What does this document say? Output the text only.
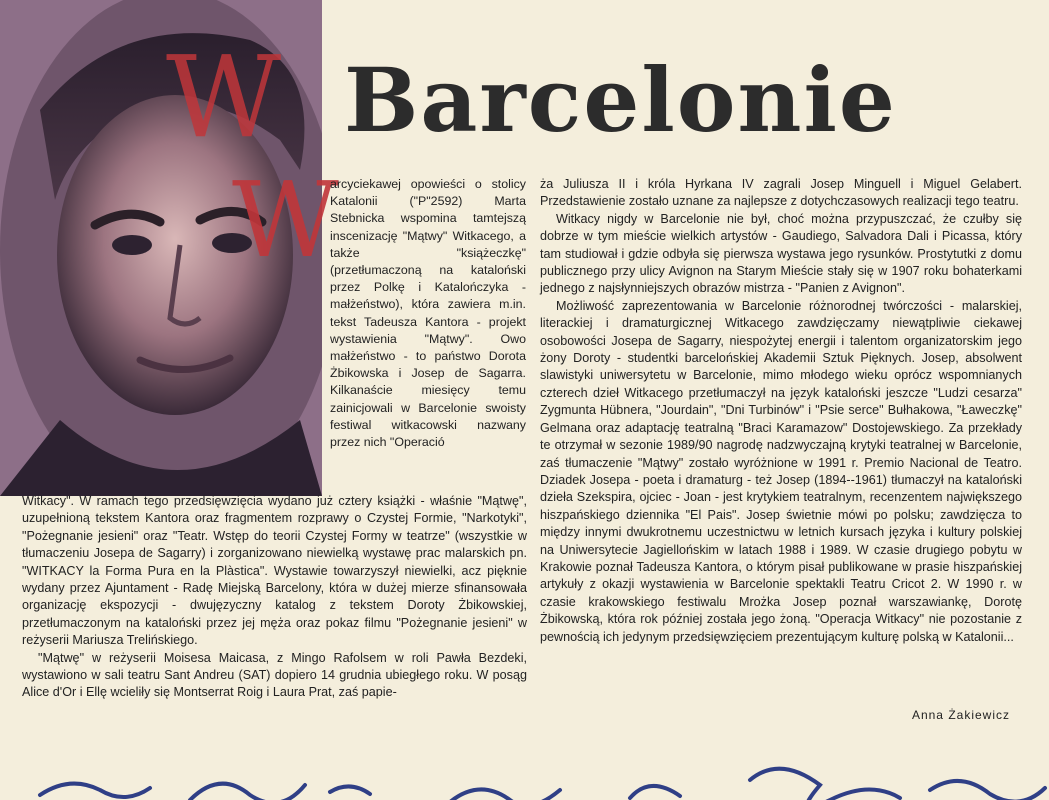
W Barcelonie
W

arcyciekawej opowieści o stolicy Katalonii ("P"2592) Marta Stebnicka wspomina tamtejszą inscenizację "Mątwy" Witkacego, a także "książeczkę" (przetłumaczoną na kataloński przez Polkę i Katalończyka - małżeństwo), która zawiera m.in. tekst Tadeusza Kantora - projekt wystawienia "Mątwy". Owo małżeństwo - to państwo Dorota Żbikowska i Josep de Sagarra. Kilkanaście miesięcy temu zainicjowali w Barcelonie swoisty festiwal witkacowski nazwany przez nich "Operació

Witkacy". W ramach tego przedsięwzięcia wydano już cztery książki - właśnie "Mątwę", uzupełnioną tekstem Kantora oraz fragmentem rozprawy o Czystej Formie, "Narkotyki", "Pożegnanie jesieni" oraz "Teatr. Wstęp do teorii Czystej Formy w teatrze" (wszystkie w tłumaczeniu Josepa de Sagarry) i zorganizowano niewielką wystawę prac malarskich pn. "WITKACY la Forma Pura en la Plàstica". Wystawie towarzyszył niewielki, acz pięknie wydany przez Ajuntament - Radę Miejską Barcelony, która w dużej mierze sfinansowała organizację ekspozycji - dwujęzyczny katalog z tekstem Doroty Żbikowskiej, przetłumaczonym na kataloński przez jej męża oraz pokaz filmu "Pożegnanie jesieni" w reżyserii Mariusza Trelińskiego.

"Mątwę" w reżyserii Moisesa Maicasa, z Mingo Rafolsem w roli Pawła Bezdeki, wystawiono w sali teatru Sant Andreu (SAT) dopiero 14 grudnia ubiegłego roku. W posąg Alice d'Or i Ellę wcieliły się Montserrat Roig i Laura Prat, zaś papie-

ża Juliusza II i króla Hyrkana IV zagrali Josep Minguell i Miguel Gelabert. Przedstawienie zostało uznane za najlepsze z dotychczasowych realizacji tego teatru.

Witkacy nigdy w Barcelonie nie był, choć można przypuszczać, że czułby się dobrze w tym mieście wielkich artystów - Gaudiego, Salvadora Dali i Picassa, który tam studiował i gdzie odbyła się pierwsza wystawa jego rysunków. Prostytutki z domu publicznego przy ulicy Avignon na Starym Mieście stały się w 1907 roku bohaterkami jednego z najsłynniejszych obrazów mistrza - "Panien z Avignon".

Możliwość zaprezentowania w Barcelonie różnorodnej twórczości - malarskiej, literackiej i dramaturgicznej Witkacego zawdzięczamy niewątpliwie ciekawej osobowości Josepa de Sagarry, niespożytej energii i talentom organizatorskim jego żony Doroty - studentki barcelońskiej Akademii Sztuk Pięknych. Josep, absolwent slawistyki uniwersytetu w Barcelonie, mimo młodego wieku oprócz wspomnianych czterech dzieł Witkacego przetłumaczył na język kataloński jeszcze "Ludzi cesarza" Zygmunta Hübnera, "Jourdain", "Dni Turbinów" i "Psie serce" Bułhakowa, "Ławeczkę" Gelmana oraz adaptację teatralną "Braci Karamazow" Dostojewskiego. Za przekłady te otrzymał w sezonie 1989/90 nagrodę nadzwyczajną krytyki teatralnej w Barcelonie, zaś tłumaczenie "Mątwy" zostało wyróżnione w 1991 r. Premio Nacional de Teatro. Dziadek Josepa - poeta i dramaturg - też Josep (1894--1961) tłumaczył na kataloński dzieła Szekspira, ojciec - Joan - jest krytykiem teatralnym, recenzentem największego hiszpańskiego dziennika "El Pais". Josep świetnie mówi po polsku; zawdzięcza to między innymi dwukrotnemu uczestnictwu w letnich kursach języka i kultury polskiej na Uniwersytecie Jagiellońskim w latach 1988 i 1989. W czasie drugiego pobytu w Krakowie poznał Tadeusza Kantora, o którym pisał publikowane w prasie hiszpańskiej artykuły z okazji wystawienia w Barcelonie spektakli Teatru Cricot 2. W 1990 r. w czasie krakowskiego festiwalu Mrożka Josep poznał warszawiankę, Dorotę Żbikowską, która rok później została jego żoną. "Operacja Witkacy" nie pozostanie z pewnością ich jedynym przedsięwzięciem prezentującym kulturę polską w Katalonii...

Anna Żakiewicz
